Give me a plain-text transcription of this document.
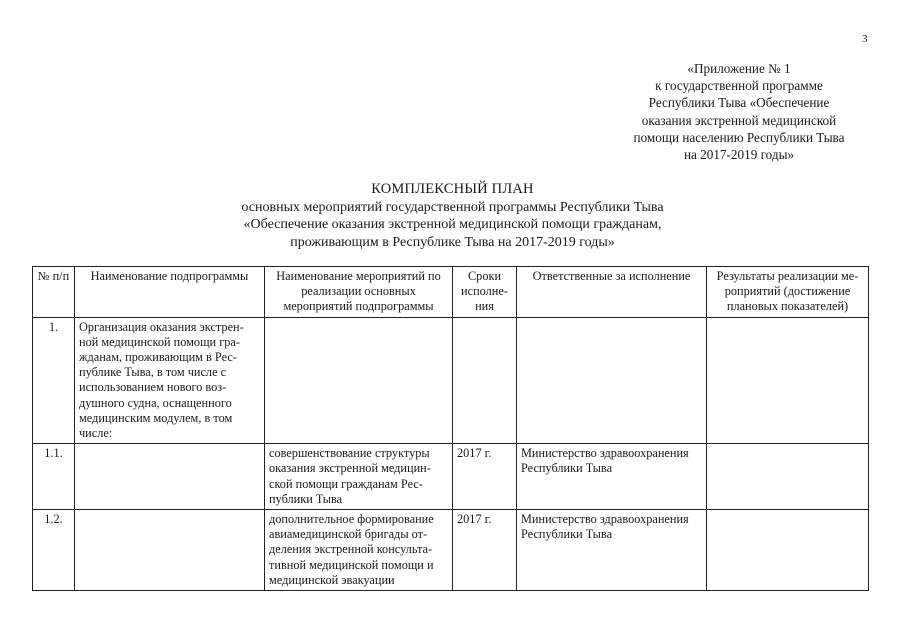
3
«Приложение № 1
к государственной программе
Республики Тыва «Обеспечение
оказания экстренной медицинской
помощи населению Республики Тыва
на 2017-2019 годы»
КОМПЛЕКСНЫЙ ПЛАН
основных мероприятий государственной программы Республики Тыва
«Обеспечение оказания экстренной медицинской помощи гражданам,
проживающим в Республике Тыва на 2017-2019 годы»
№ п/п	Наименование подпрограммы	Наименование мероприятий по реализации основных мероприятий подпрограммы	Сроки исполне-ния	Ответственные за исполнение	Результаты реализации ме-роприятий (достижение плановых показателей)
1.	Организация оказания экстрен-ной медицинской помощи гра-жданам, проживающим в Рес-публике Тыва, в том числе с использованием нового воз-душного судна, оснащенного медицинским модулем, в том числе:				
1.1.		совершенствование структуры оказания экстренной медицин-ской помощи гражданам Рес-публики Тыва	2017 г.	Министерство здравоохранения Республики Тыва	
1.2.		дополнительное формирование авиамедицинской бригады от-деления экстренной консульта-тивной медицинской помощи и медицинской эвакуации	2017 г.	Министерство здравоохранения Республики Тыва	
